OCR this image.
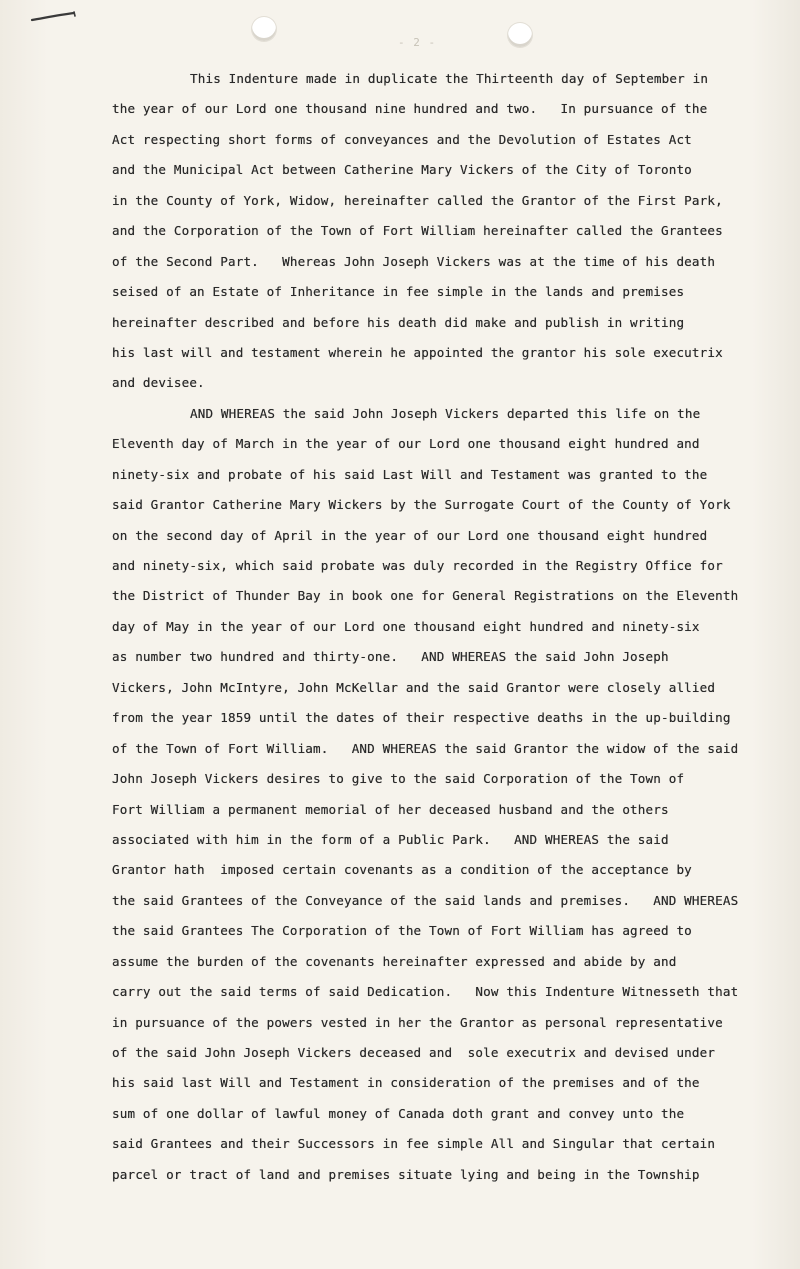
- 2 -
This Indenture made in duplicate the Thirteenth day of September in
the year of our Lord one thousand nine hundred and two.   In pursuance of the
Act respecting short forms of conveyances and the Devolution of Estates Act
and the Municipal Act between Catherine Mary Vickers of the City of Toronto
in the County of York, Widow, hereinafter called the Grantor of the First Park,
and the Corporation of the Town of Fort William hereinafter called the Grantees
of the Second Part.   Whereas John Joseph Vickers was at the time of his death
seised of an Estate of Inheritance in fee simple in the lands and premises
hereinafter described and before his death did make and publish in writing
his last will and testament wherein he appointed the grantor his sole executrix
and devisee.
AND WHEREAS the said John Joseph Vickers departed this life on the
Eleventh day of March in the year of our Lord one thousand eight hundred and
ninety-six and probate of his said Last Will and Testament was granted to the
said Grantor Catherine Mary Wickers by the Surrogate Court of the County of York
on the second day of April in the year of our Lord one thousand eight hundred
and ninety-six, which said probate was duly recorded in the Registry Office for
the District of Thunder Bay in book one for General Registrations on the Eleventh
day of May in the year of our Lord one thousand eight hundred and ninety-six
as number two hundred and thirty-one.   AND WHEREAS the said John Joseph
Vickers, John McIntyre, John McKellar and the said Grantor were closely allied
from the year 1859 until the dates of their respective deaths in the up-building
of the Town of Fort William.   AND WHEREAS the said Grantor the widow of the said
John Joseph Vickers desires to give to the said Corporation of the Town of
Fort William a permanent memorial of her deceased husband and the others
associated with him in the form of a Public Park.   AND WHEREAS the said
Grantor hath  imposed certain covenants as a condition of the acceptance by
the said Grantees of the Conveyance of the said lands and premises.   AND WHEREAS
the said Grantees The Corporation of the Town of Fort William has agreed to
assume the burden of the covenants hereinafter expressed and abide by and
carry out the said terms of said Dedication.   Now this Indenture Witnesseth that
in pursuance of the powers vested in her the Grantor as personal representative
of the said John Joseph Vickers deceased and  sole executrix and devised under
his said last Will and Testament in consideration of the premises and of the
sum of one dollar of lawful money of Canada doth grant and convey unto the
said Grantees and their Successors in fee simple All and Singular that certain
parcel or tract of land and premises situate lying and being in the Township
